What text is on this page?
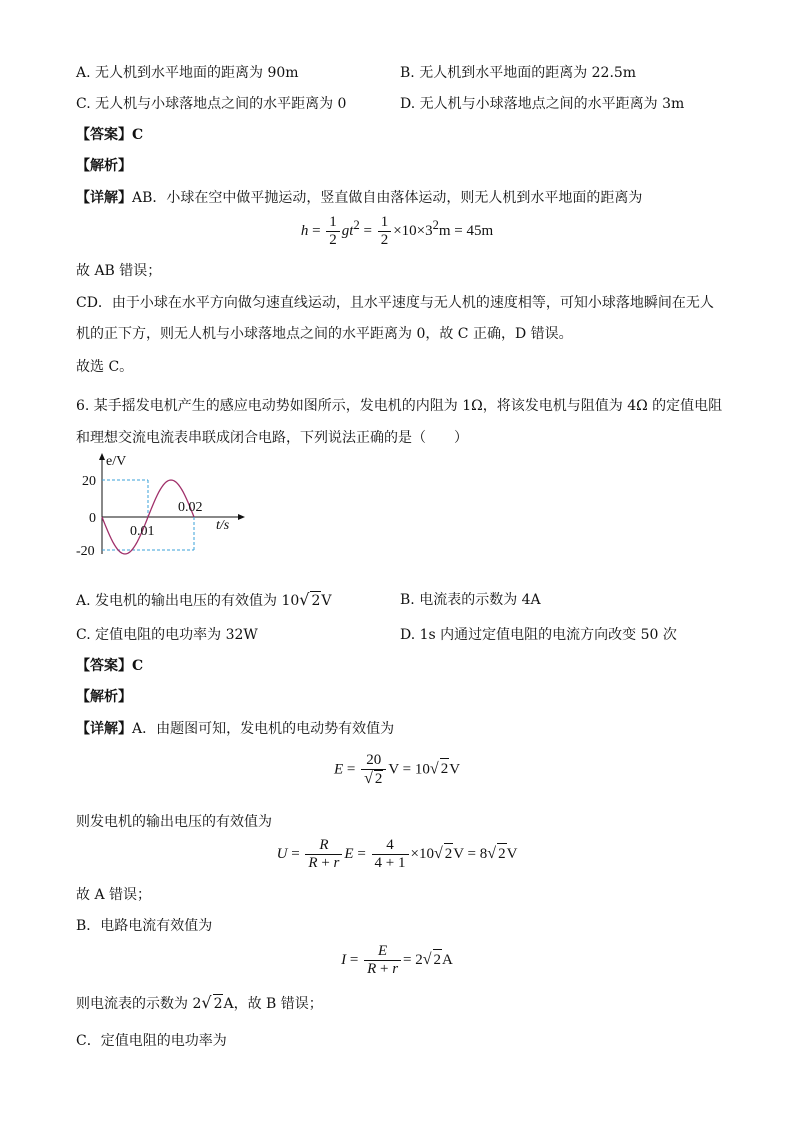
A. 无人机到水平地面的距离为 90m	B. 无人机到水平地面的距离为 22.5m
C. 无人机与小球落地点之间的水平距离为 0	D. 无人机与小球落地点之间的水平距离为 3m
【答案】C
【解析】
【详解】AB．小球在空中做平抛运动，竖直做自由落体运动，则无人机到水平地面的距离为
$h = \frac{1}{2} gt^2 = \frac{1}{2} \times 10\times 3^2m = 45m$
故 AB 错误；
CD．由于小球在水平方向做匀速直线运动，且水平速度与无人机的速度相等，可知小球落地瞬间在无人
机的正下方，则无人机与小球落地点之间的水平距离为 0，故 C 正确，D 错误。
故选 C。
6. 某手摇发电机产生的感应电动势如图所示，发电机的内阻为 1Ω，将该发电机与阻值为 4Ω 的定值电阻
和理想交流电流表串联成闭合电路，下列说法正确的是（　　）
e/V
20
0
-20
0.01
0.02
t/s
A. 发电机的输出电压的有效值为 10√ 2V	B. 电流表的示数为 4A
C. 定值电阻的电功率为 32W	D. 1s 内通过定值电阻的电流方向改变 50 次
【答案】C
【解析】
【详解】A．由题图可知，发电机的电动势有效值为
$E = \frac{20}{√ 2}$ V = 10√ 2V
则发电机的输出电压的有效值为
$U = \frac{R}{R + r}$ $E = \frac{4}{4 + 1} \times 10√$ 2V = 8√ 2V
故 A 错误；
B．电路电流有效值为
$I = \frac{E}{R + r} = 2√$ 2A
则电流表的示数为 2√ 2A，故 B 错误；
C．定值电阻的电功率为
